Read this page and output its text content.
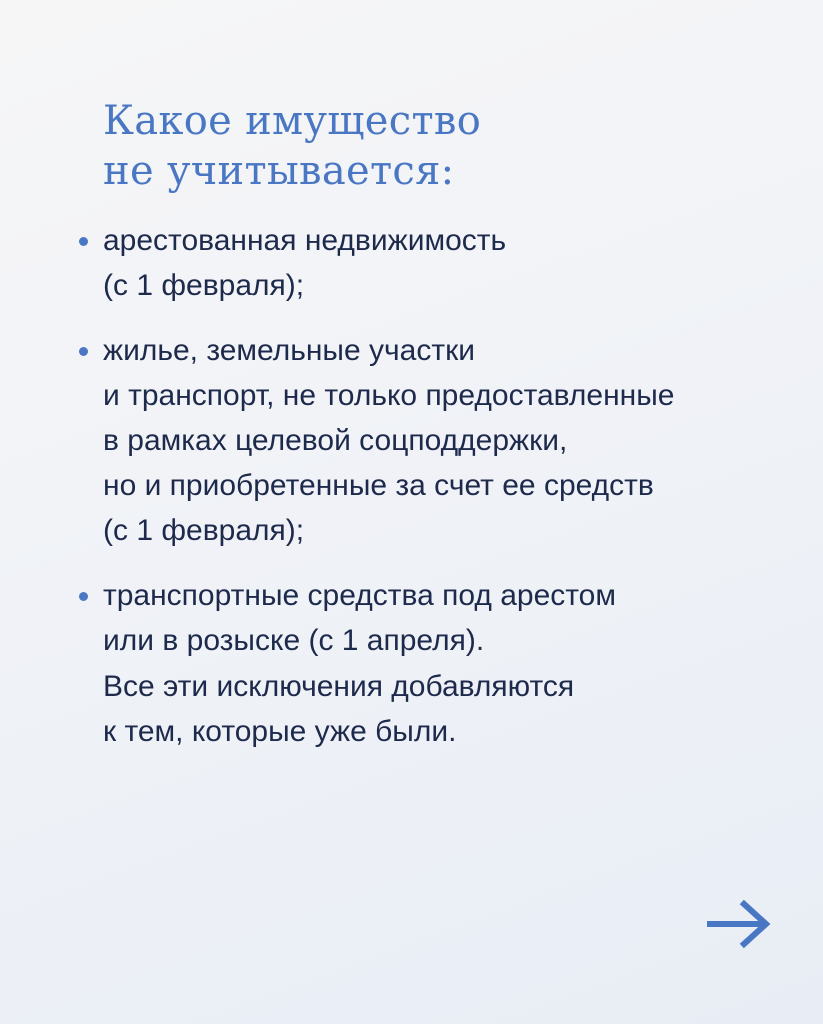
Какое имущество
не учитывается:
арестованная недвижимость
(с 1 февраля);
жилье, земельные участки
и транспорт, не только предоставленные
в рамках целевой соцподдержки,
но и приобретенные за счет ее средств
(с 1 февраля);
транспортные средства под арестом
или в розыске (с 1 апреля).

Все эти исключения добавляются
к тем, которые уже были.
